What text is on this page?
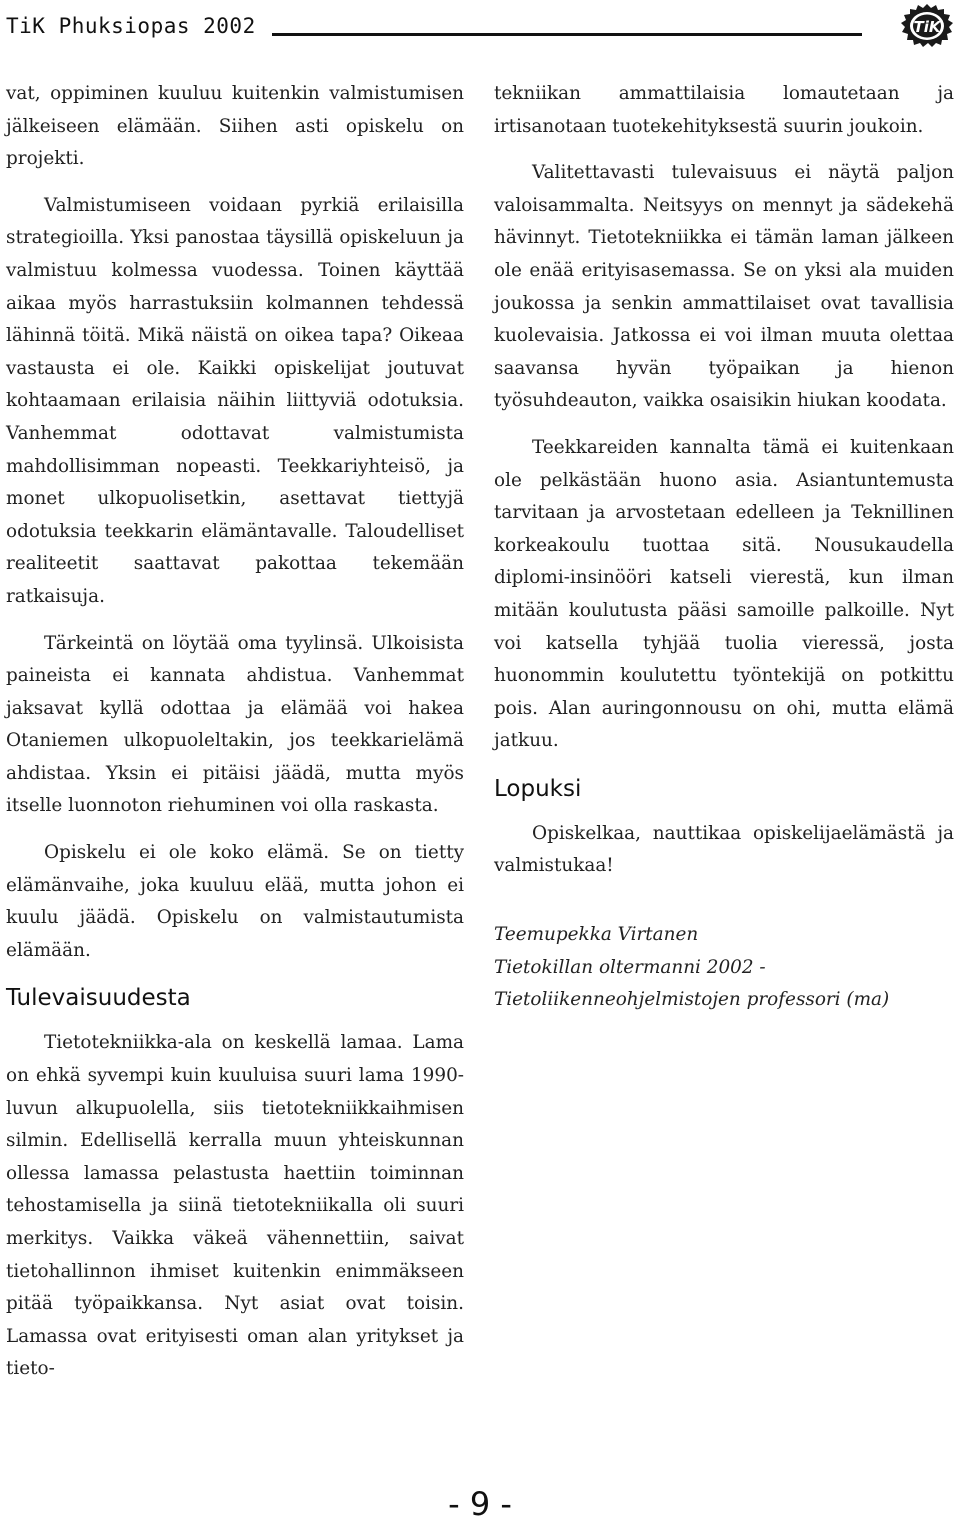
TiK Phuksiopas 2002	TiK

vat, oppiminen kuuluu kuitenkin valmistumisen jälkeiseen elämään. Siihen asti opiskelu on projekti.

Valmistumiseen voidaan pyrkiä erilaisilla strategioilla. Yksi panostaa täysillä opiskeluun ja valmistuu kolmessa vuodessa. Toinen käyttää aikaa myös harrastuksiin kolmannen tehdessä lähinnä töitä. Mikä näistä on oikea tapa? Oikeaa vastausta ei ole. Kaikki opiskelijat joutuvat kohtaamaan erilaisia näihin liittyviä odotuksia. Vanhemmat odottavat valmistumista mahdollisimman nopeasti. Teekkariyhteisö, ja monet ulkopuolisetkin, asettavat tiettyjä odotuksia teekkarin elämäntavalle. Taloudelliset realiteetit saattavat pakottaa tekemään ratkaisuja.

Tärkeintä on löytää oma tyylinsä. Ulkoisista paineista ei kannata ahdistua. Vanhemmat jaksavat kyllä odottaa ja elämää voi hakea Otaniemen ulkopuoleltakin, jos teekkarielämä ahdistaa. Yksin ei pitäisi jäädä, mutta myös itselle luonnoton riehuminen voi olla raskasta.

Opiskelu ei ole koko elämä. Se on tietty elämänvaihe, joka kuuluu elää, mutta johon ei kuulu jäädä. Opiskelu on valmistautumista elämään.

Tulevaisuudesta

Tietotekniikka-ala on keskellä lamaa. Lama on ehkä syvempi kuin kuuluisa suuri lama 1990-luvun alkupuolella, siis tietotekniikkaihmisen silmin. Edellisellä kerralla muun yhteiskunnan ollessa lamassa pelastusta haettiin toiminnan tehostamisella ja siinä tietotekniikalla oli suuri merkitys. Vaikka väkeä vähennettiin, saivat tietohallinnon ihmiset kuitenkin enimmäkseen pitää työpaikkansa. Nyt asiat ovat toisin. Lamassa ovat erityisesti oman alan yritykset ja tieto-

tekniikan ammattilaisia lomautetaan ja irtisanotaan tuotekehityksestä suurin joukoin.

Valitettavasti tulevaisuus ei näytä paljon valoisammalta. Neitsyys on mennyt ja sädekehä hävinnyt. Tietotekniikka ei tämän laman jälkeen ole enää erityisasemassa. Se on yksi ala muiden joukossa ja senkin ammattilaiset ovat tavallisia kuolevaisia. Jatkossa ei voi ilman muuta olettaa saavansa hyvän työpaikan ja hienon työsuhdeauton, vaikka osaisikin hiukan koodata.

Teekkareiden kannalta tämä ei kuitenkaan ole pelkästään huono asia. Asiantuntemusta tarvitaan ja arvostetaan edelleen ja Teknillinen korkeakoulu tuottaa sitä. Nousukaudella diplomi-insinööri katseli vierestä, kun ilman mitään koulutusta pääsi samoille palkoille. Nyt voi katsella tyhjää tuolia vieressä, josta huonommin koulutettu työntekijä on potkittu pois. Alan auringonnousu on ohi, mutta elämä jatkuu.

Lopuksi

Opiskelkaa, nauttikaa opiskelijaelämästä ja valmistukaa!

Teemupekka Virtanen
Tietokillan oltermanni 2002 -
Tietoliikenneohjelmistojen professori (ma)

- 9 -
